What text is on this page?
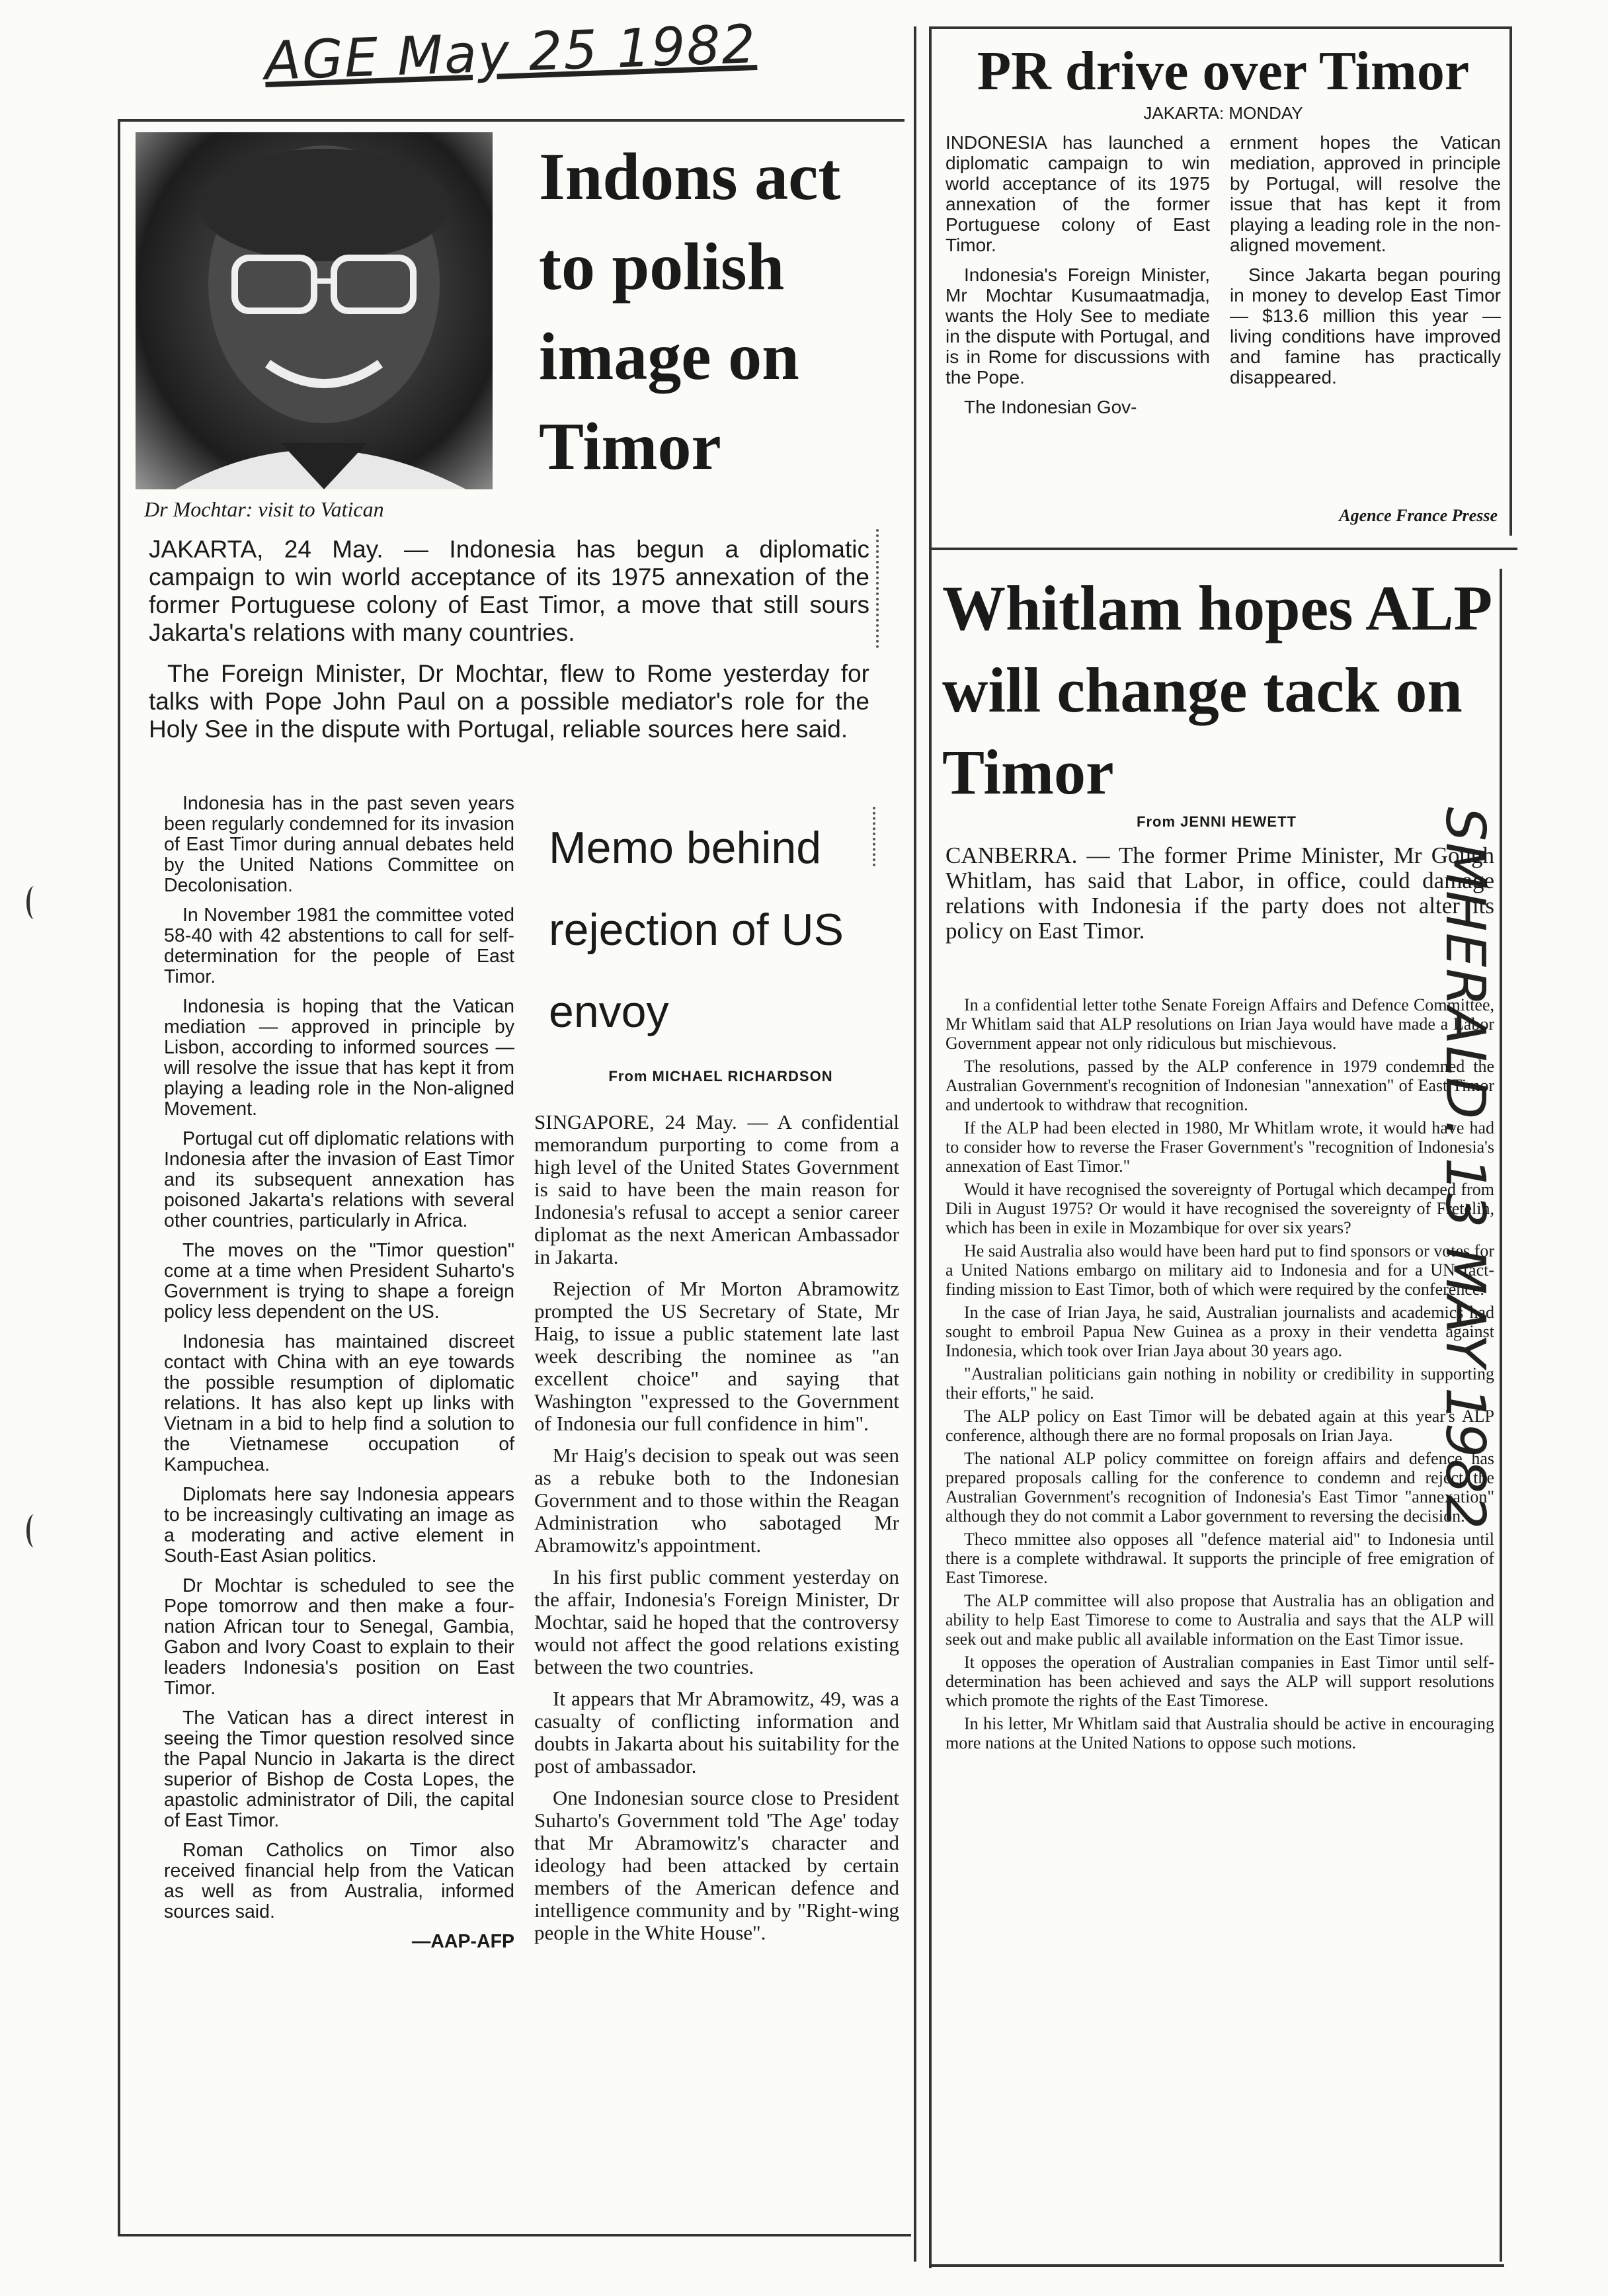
AGE May 25 1982
SMHERALD. 13 MAY 1982
Dr Mochtar: visit to Vatican
Indons act to polish image on Timor

JAKARTA, 24 May. — Indonesia has begun a diplomatic campaign to win world acceptance of its 1975 annexation of the former Portuguese colony of East Timor, a move that still sours Jakarta's relations with many countries.

The Foreign Minister, Dr Mochtar, flew to Rome yesterday for talks with Pope John Paul on a possible mediator's role for the Holy See in the dispute with Portugal, reliable sources here said.

Indonesia has in the past seven years been regularly condemned for its invasion of East Timor during annual debates held by the United Nations Committee on Decolonisation.

In November 1981 the committee voted 58-40 with 42 abstentions to call for self-determination for the people of East Timor.

Indonesia is hoping that the Vatican mediation — approved in principle by Lisbon, according to informed sources — will resolve the issue that has kept it from playing a leading role in the Non-aligned Movement.

Portugal cut off diplomatic relations with Indonesia after the invasion of East Timor and its subsequent annexation has poisoned Jakarta's relations with several other countries, particularly in Africa.

The moves on the "Timor question" come at a time when President Suharto's Government is trying to shape a foreign policy less dependent on the US.

Indonesia has maintained discreet contact with China with an eye towards the possible resumption of diplomatic relations. It has also kept up links with Vietnam in a bid to help find a solution to the Vietnamese occupation of Kampuchea.

Diplomats here say Indonesia appears to be increasingly cultivating an image as a moderating and active element in South-East Asian politics.

Dr Mochtar is scheduled to see the Pope tomorrow and then make a four-nation African tour to Senegal, Gambia, Gabon and Ivory Coast to explain to their leaders Indonesia's position on East Timor.

The Vatican has a direct interest in seeing the Timor question resolved since the Papal Nuncio in Jakarta is the direct superior of Bishop de Costa Lopes, the apastolic administrator of Dili, the capital of East Timor.

Roman Catholics on Timor also received financial help from the Vatican as well as from Australia, informed sources said.

—AAP-AFP

Memo behind rejection of US envoy
From MICHAEL RICHARDSON

SINGAPORE, 24 May. — A confidential memorandum purporting to come from a high level of the United States Government is said to have been the main reason for Indonesia's refusal to accept a senior career diplomat as the next American Ambassador in Jakarta.

Rejection of Mr Morton Abramowitz prompted the US Secretary of State, Mr Haig, to issue a public statement late last week describing the nominee as "an excellent choice" and saying that Washington "expressed to the Government of Indonesia our full confidence in him".

Mr Haig's decision to speak out was seen as a rebuke both to the Indonesian Government and to those within the Reagan Administration who sabotaged Mr Abramowitz's appointment.

In his first public comment yesterday on the affair, Indonesia's Foreign Minister, Dr Mochtar, said he hoped that the controversy would not affect the good relations existing between the two countries.

It appears that Mr Abramowitz, 49, was a casualty of conflicting information and doubts in Jakarta about his suitability for the post of ambassador.

One Indonesian source close to President Suharto's Government told 'The Age' today that Mr Abramowitz's character and ideology had been attacked by certain members of the American defence and intelligence community and by "Right-wing people in the White House".

PR drive over Timor
JAKARTA: MONDAY

INDONESIA has launched a diplomatic campaign to win world acceptance of its 1975 annexation of the former Portuguese colony of East Timor.

Indonesia's Foreign Minister, Mr Mochtar Kusumaatmadja, wants the Holy See to mediate in the dispute with Portugal, and is in Rome for discussions with the Pope.

The Indonesian Gov-

ernment hopes the Vatican mediation, approved in principle by Portugal, will resolve the issue that has kept it from playing a leading role in the non-aligned movement.

Since Jakarta began pouring in money to develop East Timor — $13.6 million this year — living conditions have improved and famine has practically disappeared.

Agence France Presse
Whitlam hopes ALP will change tack on Timor
From JENNI HEWETT

CANBERRA. — The former Prime Minister, Mr Gough Whitlam, has said that Labor, in office, could damage relations with Indonesia if the party does not alter its policy on East Timor.

In a confidential letter tothe Senate Foreign Affairs and Defence Committee, Mr Whitlam said that ALP resolutions on Irian Jaya would have made a Labor Government appear not only ridiculous but mischievous.

The resolutions, passed by the ALP conference in 1979 condemned the Australian Government's recognition of Indonesian "annexation" of East Timor and undertook to withdraw that recognition.

If the ALP had been elected in 1980, Mr Whitlam wrote, it would have had to consider how to reverse the Fraser Government's "recognition of Indonesia's annexation of East Timor."

Would it have recognised the sovereignty of Portugal which decamped from Dili in August 1975? Or would it have recognised the sovereignty of Fretelin, which has been in exile in Mozambique for over six years?

He said Australia also would have been hard put to find sponsors or votes for a United Nations embargo on military aid to Indonesia and for a UN fact-finding mission to East Timor, both of which were required by the conference.

In the case of Irian Jaya, he said, Australian journalists and academics had sought to embroil Papua New Guinea as a proxy in their vendetta against Indonesia, which took over Irian Jaya about 30 years ago.

"Australian politicians gain nothing in nobility or credibility in supporting their efforts," he said.

The ALP policy on East Timor will be debated again at this year's ALP conference, although there are no formal proposals on Irian Jaya.

The national ALP policy committee on foreign affairs and defence has prepared proposals calling for the conference to condemn and reject the Australian Government's recognition of Indonesia's East Timor "annexation" although they do not commit a Labor government to reversing the decision.

Theco mmittee also opposes all "defence material aid" to Indonesia until there is a complete withdrawal. It supports the principle of free emigration of East Timorese.

The ALP committee will also propose that Australia has an obligation and ability to help East Timorese to come to Australia and says that the ALP will seek out and make public all available information on the East Timor issue.

It opposes the operation of Australian companies in East Timor until self-determination has been achieved and says the ALP will support resolutions which promote the rights of the East Timorese.

In his letter, Mr Whitlam said that Australia should be active in encouraging more nations at the United Nations to oppose such motions.
